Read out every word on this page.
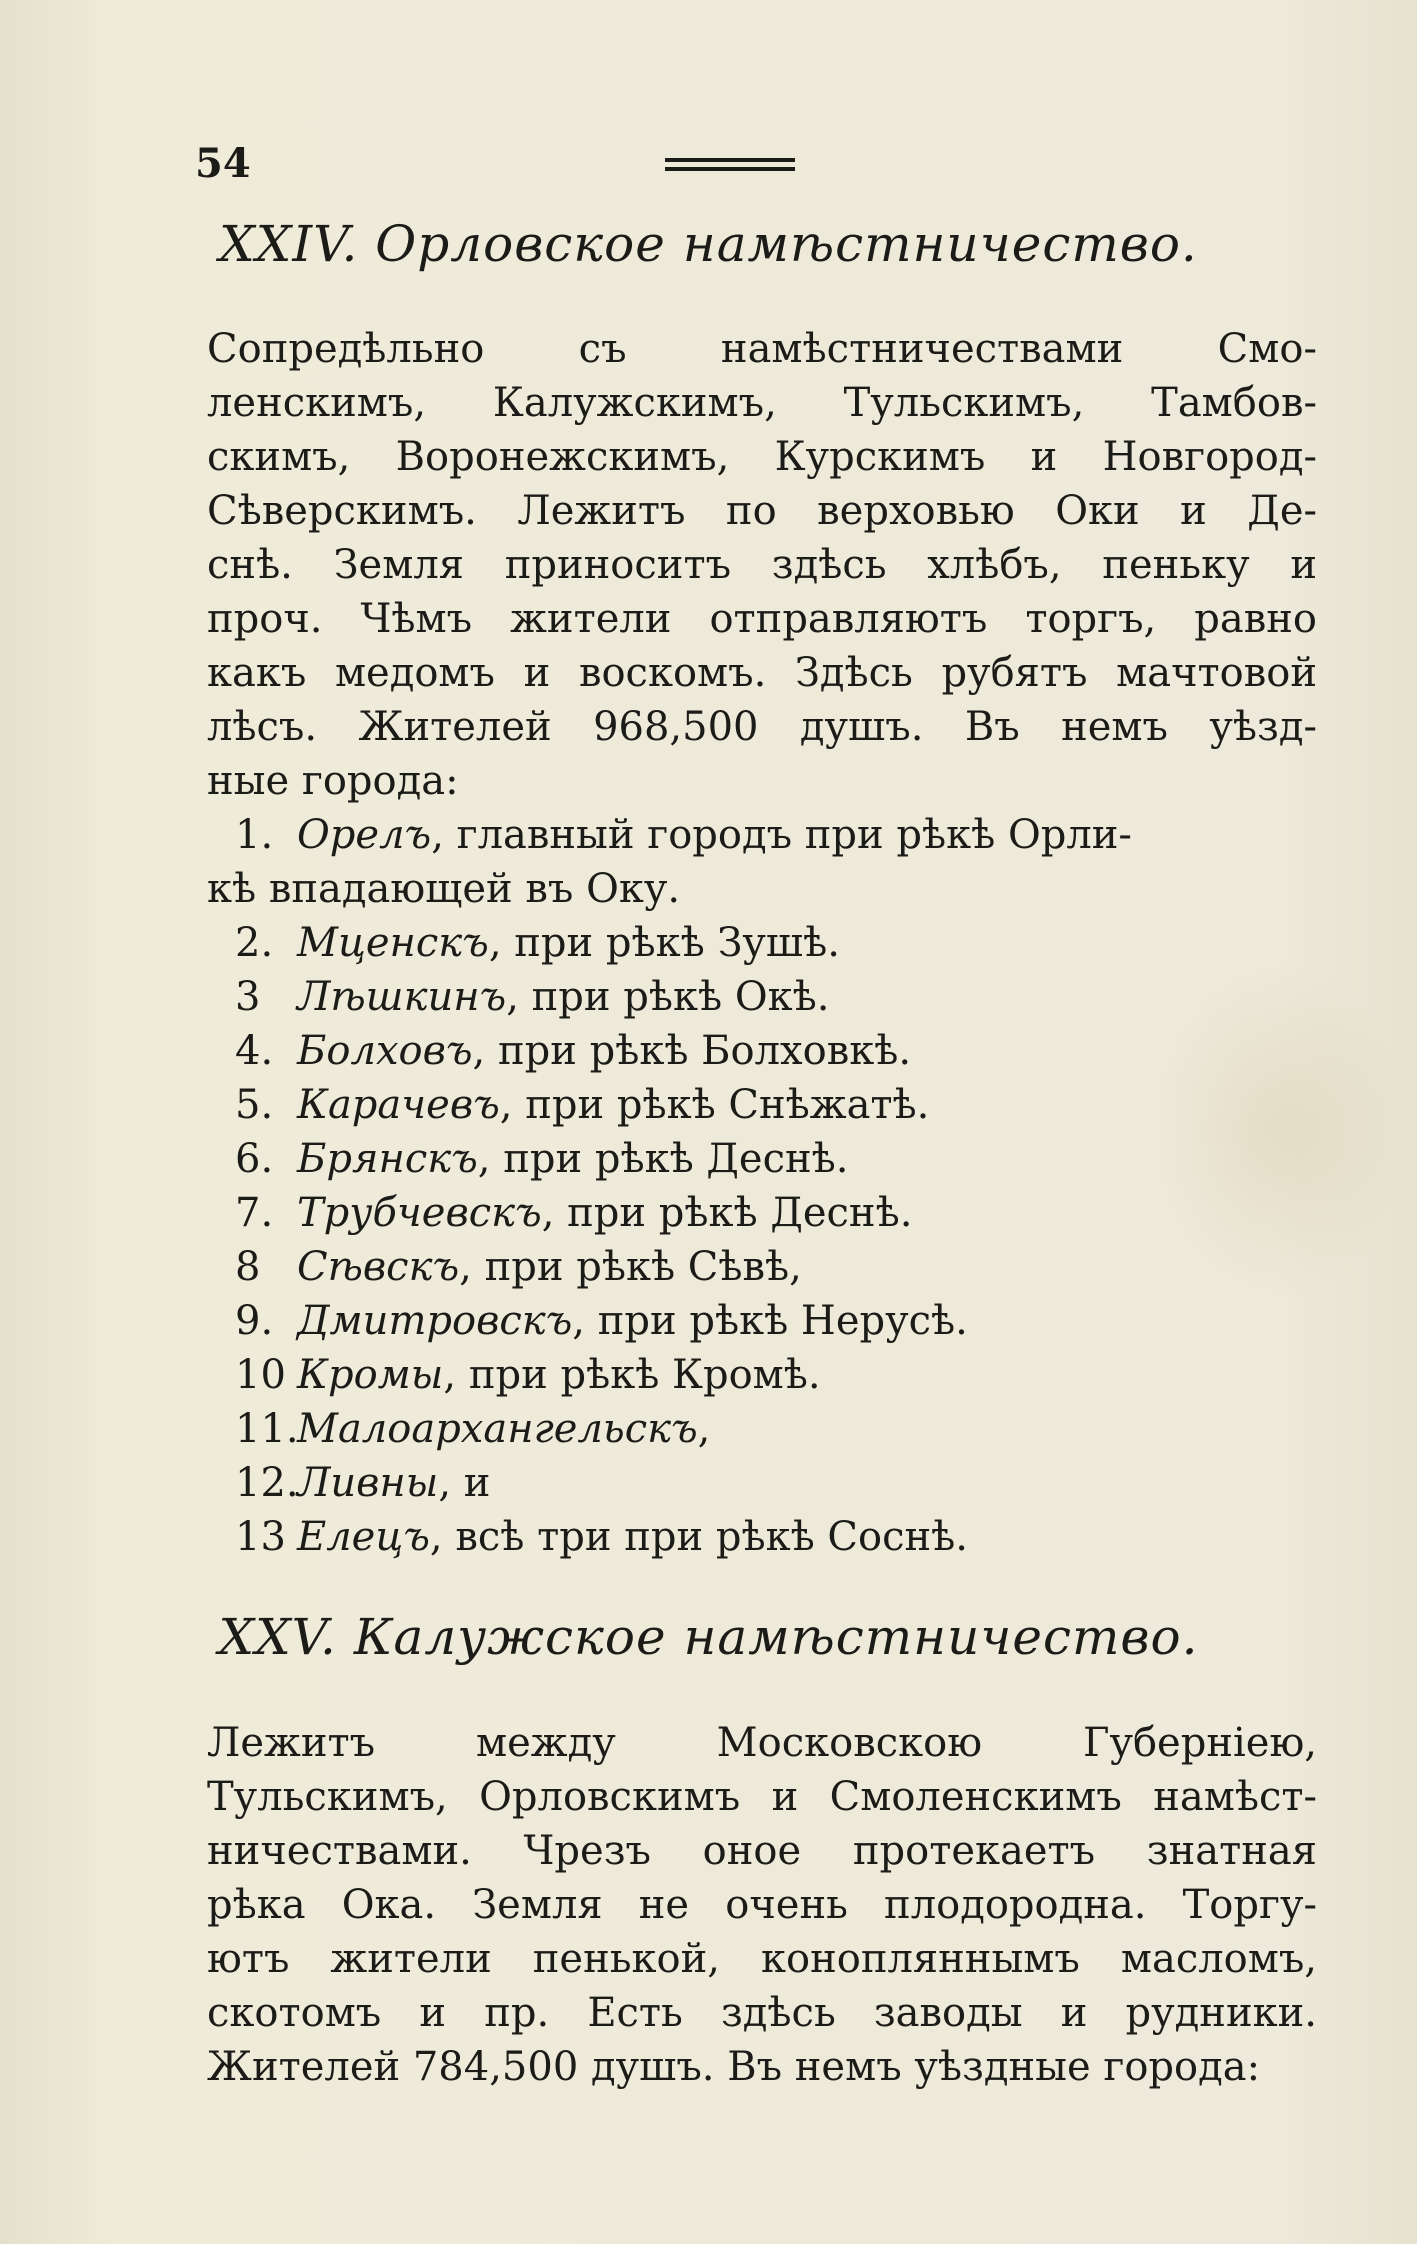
54
XXIV. Орловское намѣстничество.
Сопредѣльно съ намѣстничествами Смо-
ленскимъ, Калужскимъ, Тульскимъ, Тамбов-
скимъ, Воронежскимъ, Курскимъ и Новгород-
Сѣверскимъ. Лежитъ по верховью Оки и Де-
снѣ. Земля приноситъ здѣсь хлѣбъ, пеньку и
проч. Чѣмъ жители отправляютъ торгъ, равно
какъ медомъ и воскомъ. Здѣсь рубятъ мачтовой
лѣсъ. Жителей 968,500 душъ. Въ немъ уѣзд-
ные города:
1. Орелъ, главный городъ при рѣкѣ Орли-
кѣ впадающей въ Оку.
2. Мценскъ, при рѣкѣ Зушѣ.
3 Лѣшкинъ, при рѣкѣ Окѣ.
4. Болховъ, при рѣкѣ Болховкѣ.
5. Карачевъ, при рѣкѣ Снѣжатѣ.
6. Брянскъ, при рѣкѣ Деснѣ.
7. Трубчевскъ, при рѣкѣ Деснѣ.
8 Сѣвскъ, при рѣкѣ Сѣвѣ,
9. Дмитровскъ, при рѣкѣ Нерусѣ.
10 Кромы, при рѣкѣ Кромѣ.
11.Малоархангельскъ,
12.Ливны, и
13 Елецъ, всѣ три при рѣкѣ Соснѣ.
XXV. Калужское намѣстничество.
Лежитъ между Московскою Губерніею,
Тульскимъ, Орловскимъ и Смоленскимъ намѣст-
ничествами. Чрезъ оное протекаетъ знатная
рѣка Ока. Земля не очень плодородна. Торгу-
ютъ жители пенькой, конопляннымъ масломъ,
скотомъ и пр. Есть здѣсь заводы и рудники.
Жителей 784,500 душъ. Въ немъ уѣздные города:
